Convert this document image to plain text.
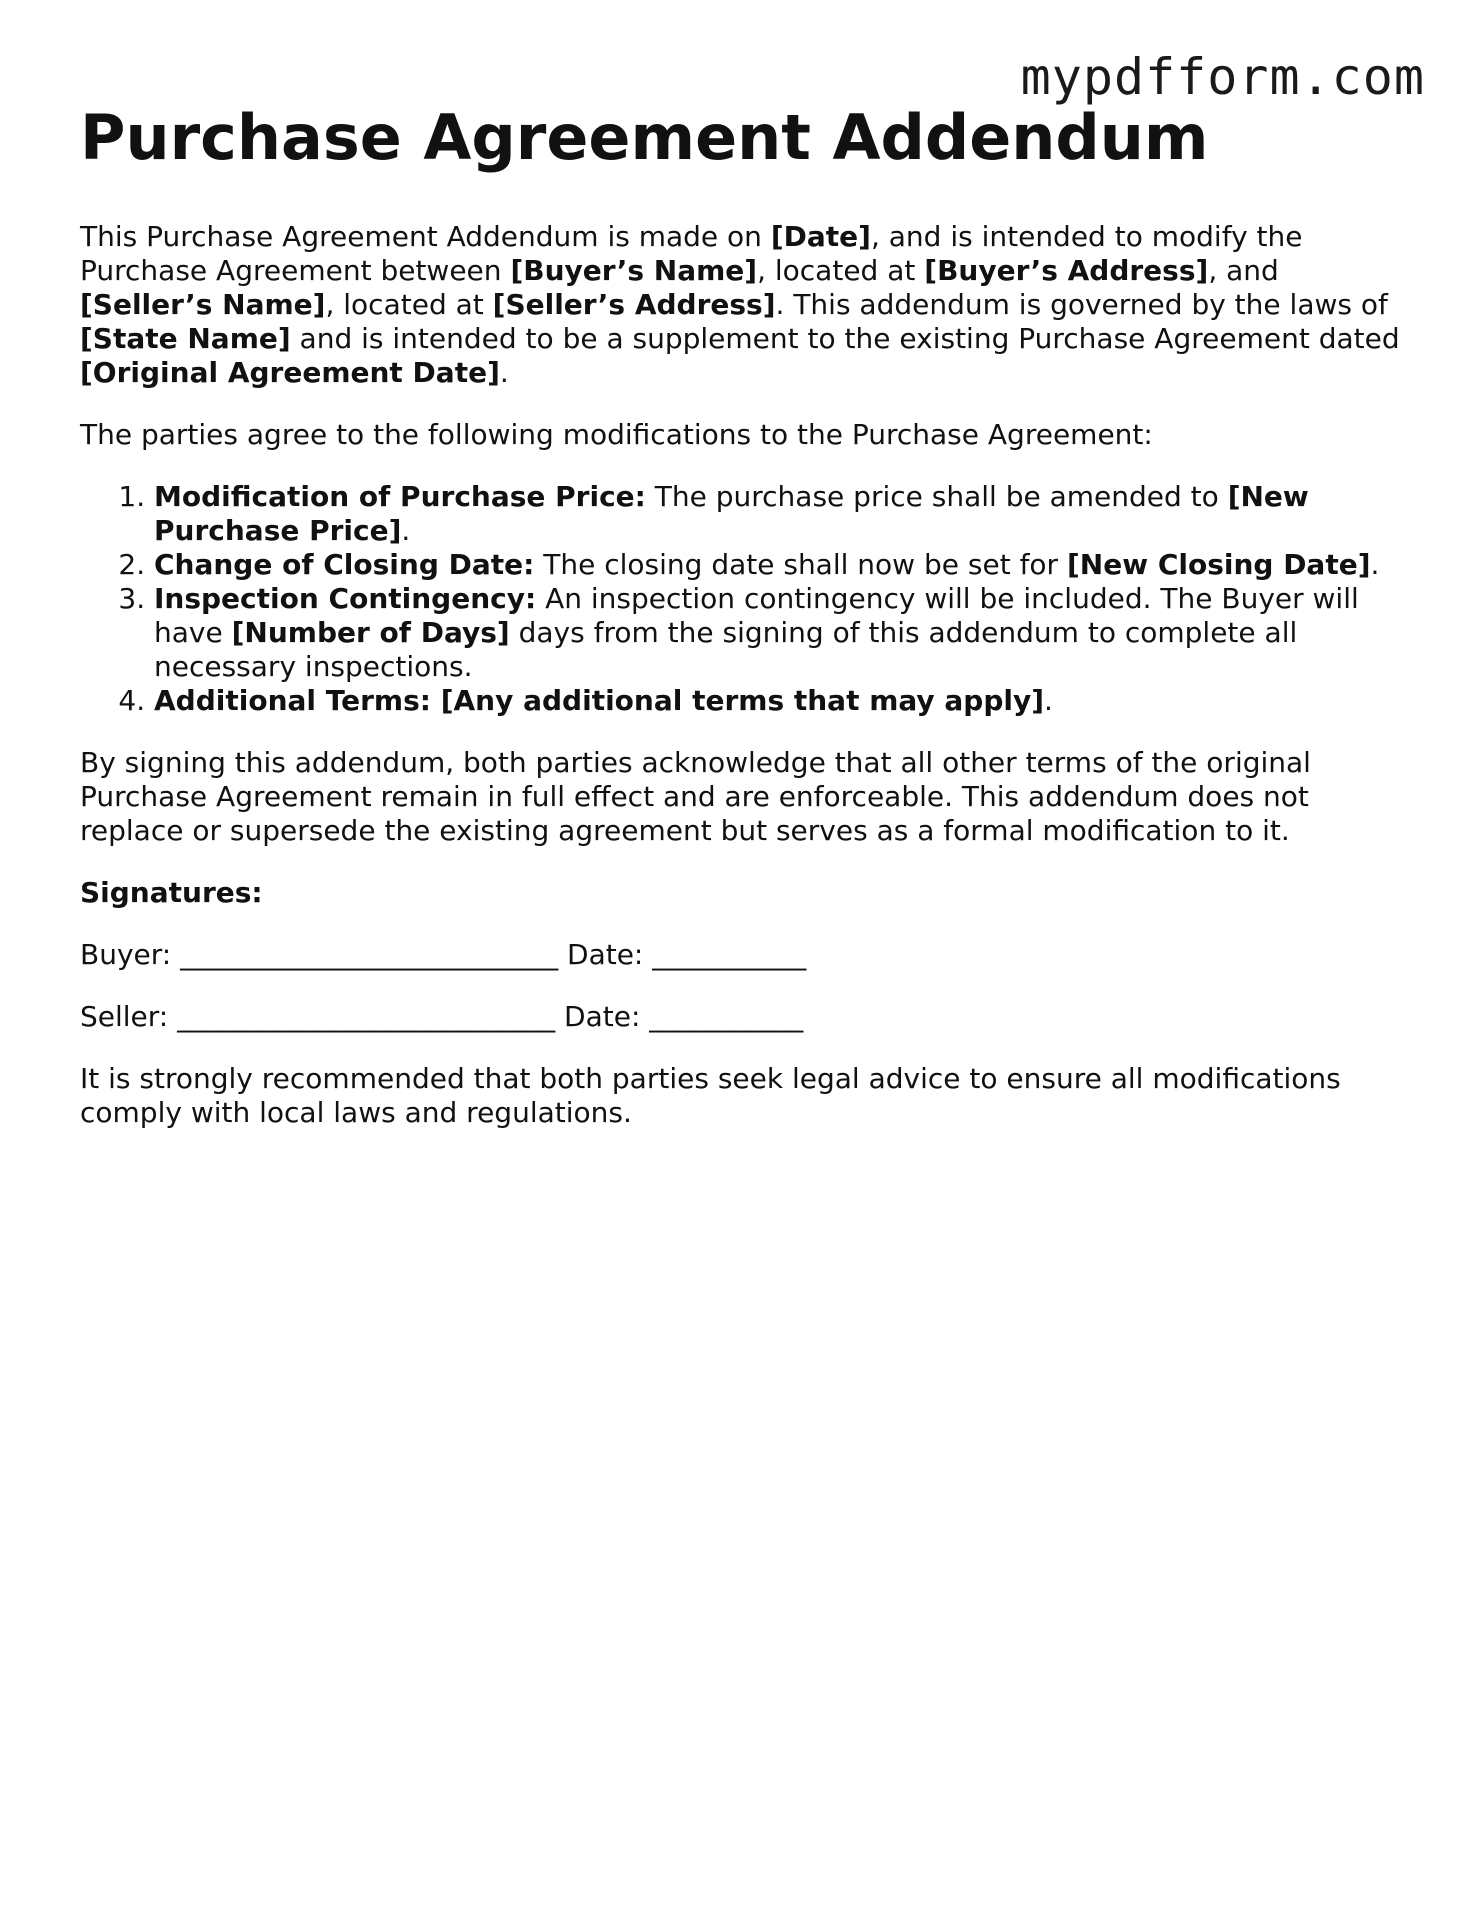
mypdfform.com
Purchase Agreement Addendum

This Purchase Agreement Addendum is made on [Date], and is intended to modify the Purchase Agreement between [Buyer’s Name], located at [Buyer’s Address], and [Seller’s Name], located at [Seller’s Address]. This addendum is governed by the laws of [State Name] and is intended to be a supplement to the existing Purchase Agreement dated [Original Agreement Date].

The parties agree to the following modifications to the Purchase Agreement:

1. Modification of Purchase Price: The purchase price shall be amended to [New Purchase Price].
2. Change of Closing Date: The closing date shall now be set for [New Closing Date].
3. Inspection Contingency: An inspection contingency will be included. The Buyer will have [Number of Days] days from the signing of this addendum to complete all necessary inspections.
4. Additional Terms: [Any additional terms that may apply].

By signing this addendum, both parties acknowledge that all other terms of the original Purchase Agreement remain in full effect and are enforceable. This addendum does not replace or supersede the existing agreement but serves as a formal modification to it.

Signatures:

Buyer: ___________________________ Date: ___________

Seller: ___________________________ Date: ___________

It is strongly recommended that both parties seek legal advice to ensure all modifications comply with local laws and regulations.
